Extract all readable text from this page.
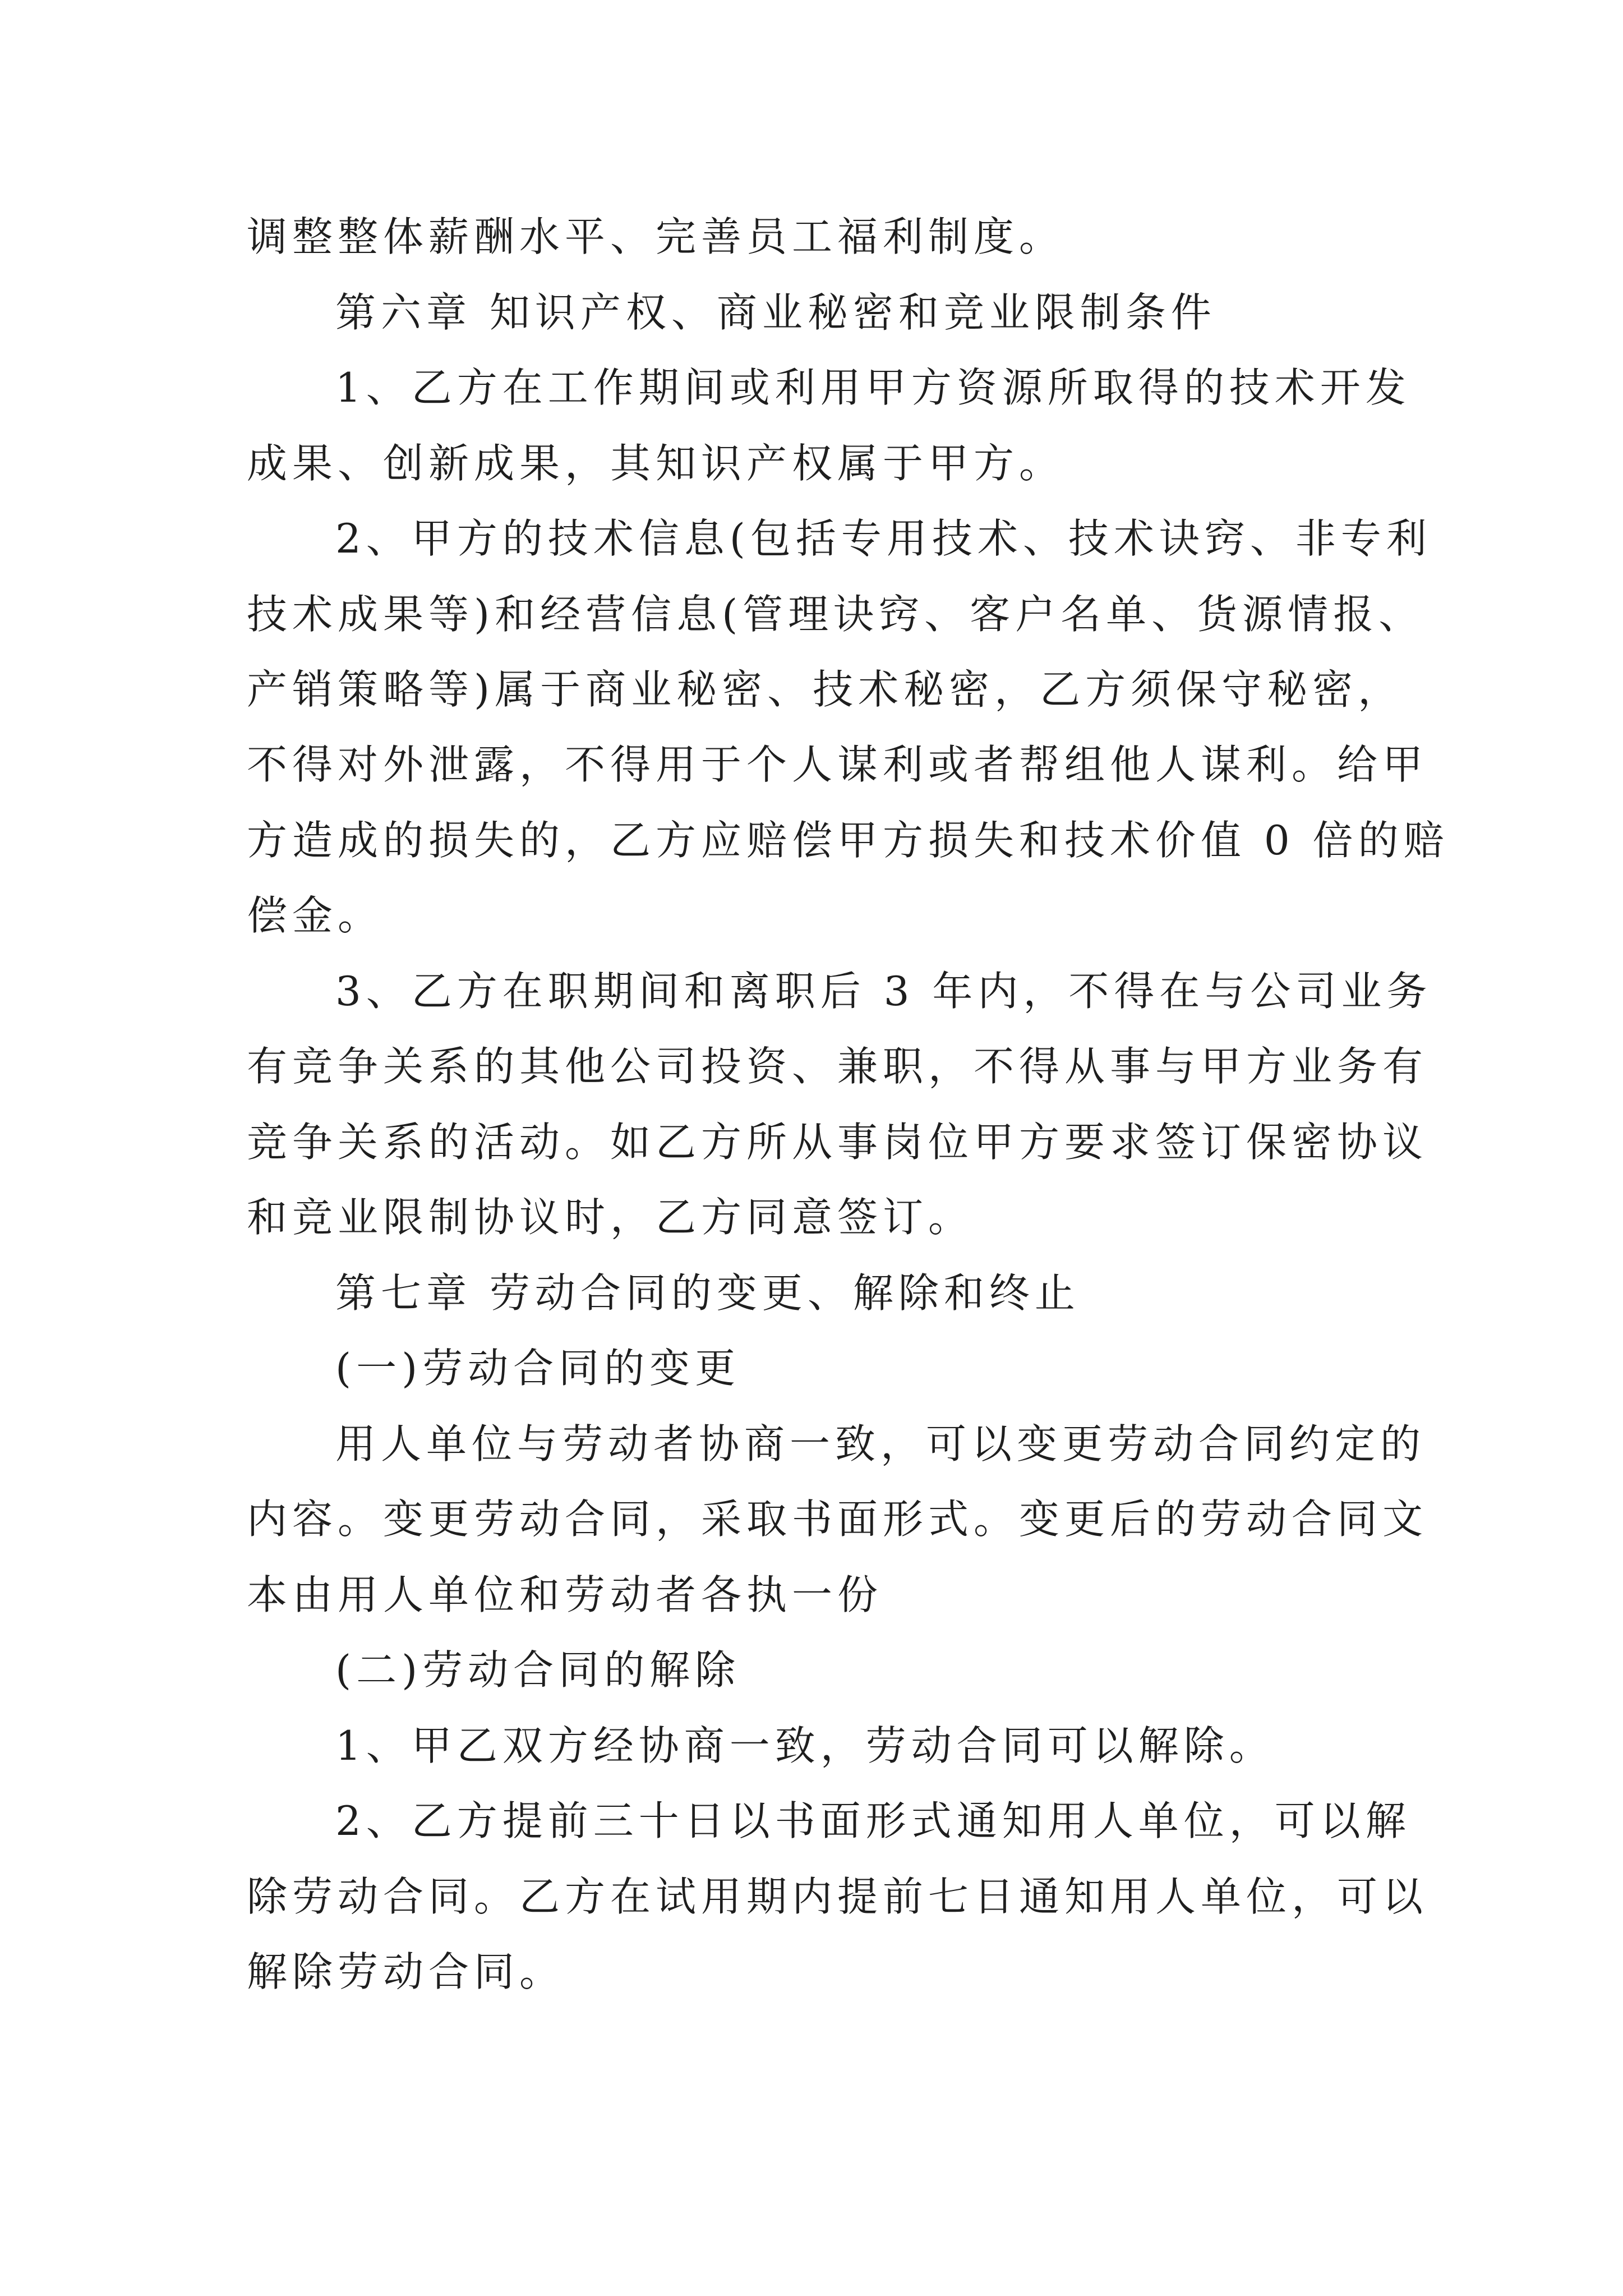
调整整体薪酬水平、完善员工福利制度。
第六章 知识产权、商业秘密和竞业限制条件
1、乙方在工作期间或利用甲方资源所取得的技术开发
成果、创新成果，其知识产权属于甲方。
2、甲方的技术信息(包括专用技术、技术诀窍、非专利
技术成果等)和经营信息(管理诀窍、客户名单、货源情报、
产销策略等)属于商业秘密、技术秘密，乙方须保守秘密，
不得对外泄露，不得用于个人谋利或者帮组他人谋利。给甲
方造成的损失的，乙方应赔偿甲方损失和技术价值 0 倍的赔
偿金。
3、乙方在职期间和离职后 3 年内，不得在与公司业务
有竞争关系的其他公司投资、兼职，不得从事与甲方业务有
竞争关系的活动。如乙方所从事岗位甲方要求签订保密协议
和竞业限制协议时，乙方同意签订。
第七章 劳动合同的变更、解除和终止
(一)劳动合同的变更
用人单位与劳动者协商一致，可以变更劳动合同约定的
内容。变更劳动合同，采取书面形式。变更后的劳动合同文
本由用人单位和劳动者各执一份
(二)劳动合同的解除
1、甲乙双方经协商一致，劳动合同可以解除。
2、乙方提前三十日以书面形式通知用人单位，可以解
除劳动合同。乙方在试用期内提前七日通知用人单位，可以
解除劳动合同。
